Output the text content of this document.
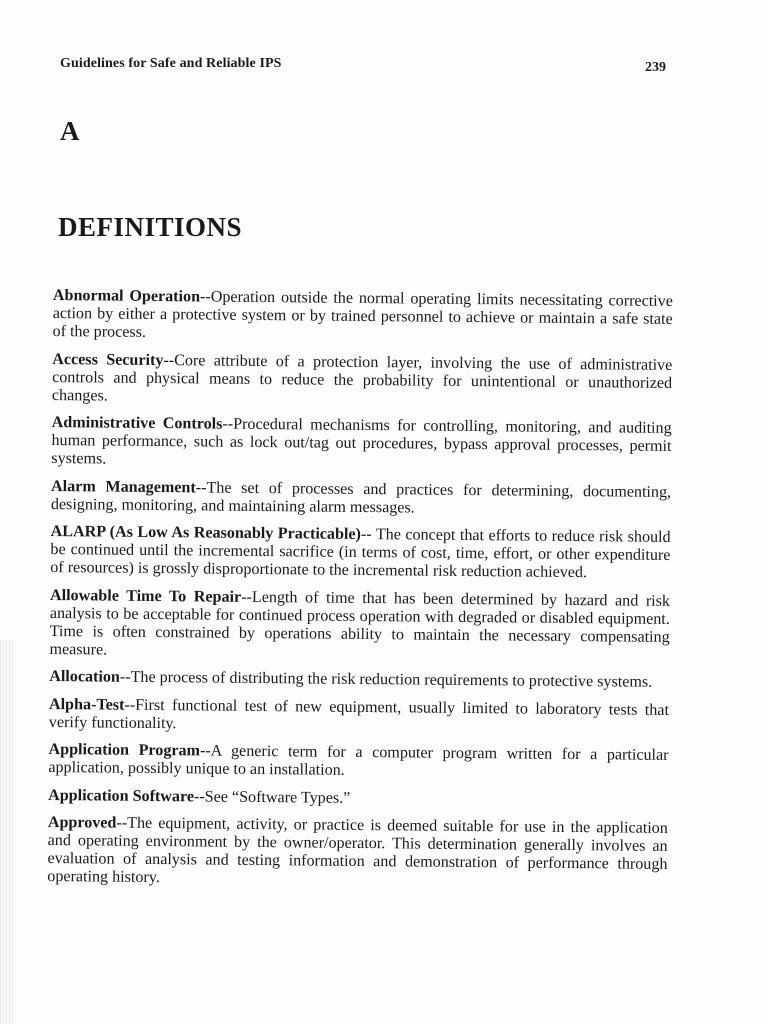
Guidelines for Safe and Reliable IPS	239
A
DEFINITIONS
Abnormal Operation--Operation outside the normal operating limits necessitating corrective action by either a protective system or by trained personnel to achieve or maintain a safe state of the process.
Access Security--Core attribute of a protection layer, involving the use of administrative controls and physical means to reduce the probability for unintentional or unauthorized changes.
Administrative Controls--Procedural mechanisms for controlling, monitoring, and auditing human performance, such as lock out/tag out procedures, bypass approval processes, permit systems.
Alarm Management--The set of processes and practices for determining, documenting, designing, monitoring, and maintaining alarm messages.
ALARP (As Low As Reasonably Practicable)-- The concept that efforts to reduce risk should be continued until the incremental sacrifice (in terms of cost, time, effort, or other expenditure of resources) is grossly disproportionate to the incremental risk reduction achieved.
Allowable Time To Repair--Length of time that has been determined by hazard and risk analysis to be acceptable for continued process operation with degraded or disabled equipment. Time is often constrained by operations ability to maintain the necessary compensating measure.
Allocation--The process of distributing the risk reduction requirements to protective systems.
Alpha-Test--First functional test of new equipment, usually limited to laboratory tests that verify functionality.
Application Program--A generic term for a computer program written for a particular application, possibly unique to an installation.
Application Software--See “Software Types.”
Approved--The equipment, activity, or practice is deemed suitable for use in the application and operating environment by the owner/operator. This determination generally involves an evaluation of analysis and testing information and demonstration of performance through operating history.
